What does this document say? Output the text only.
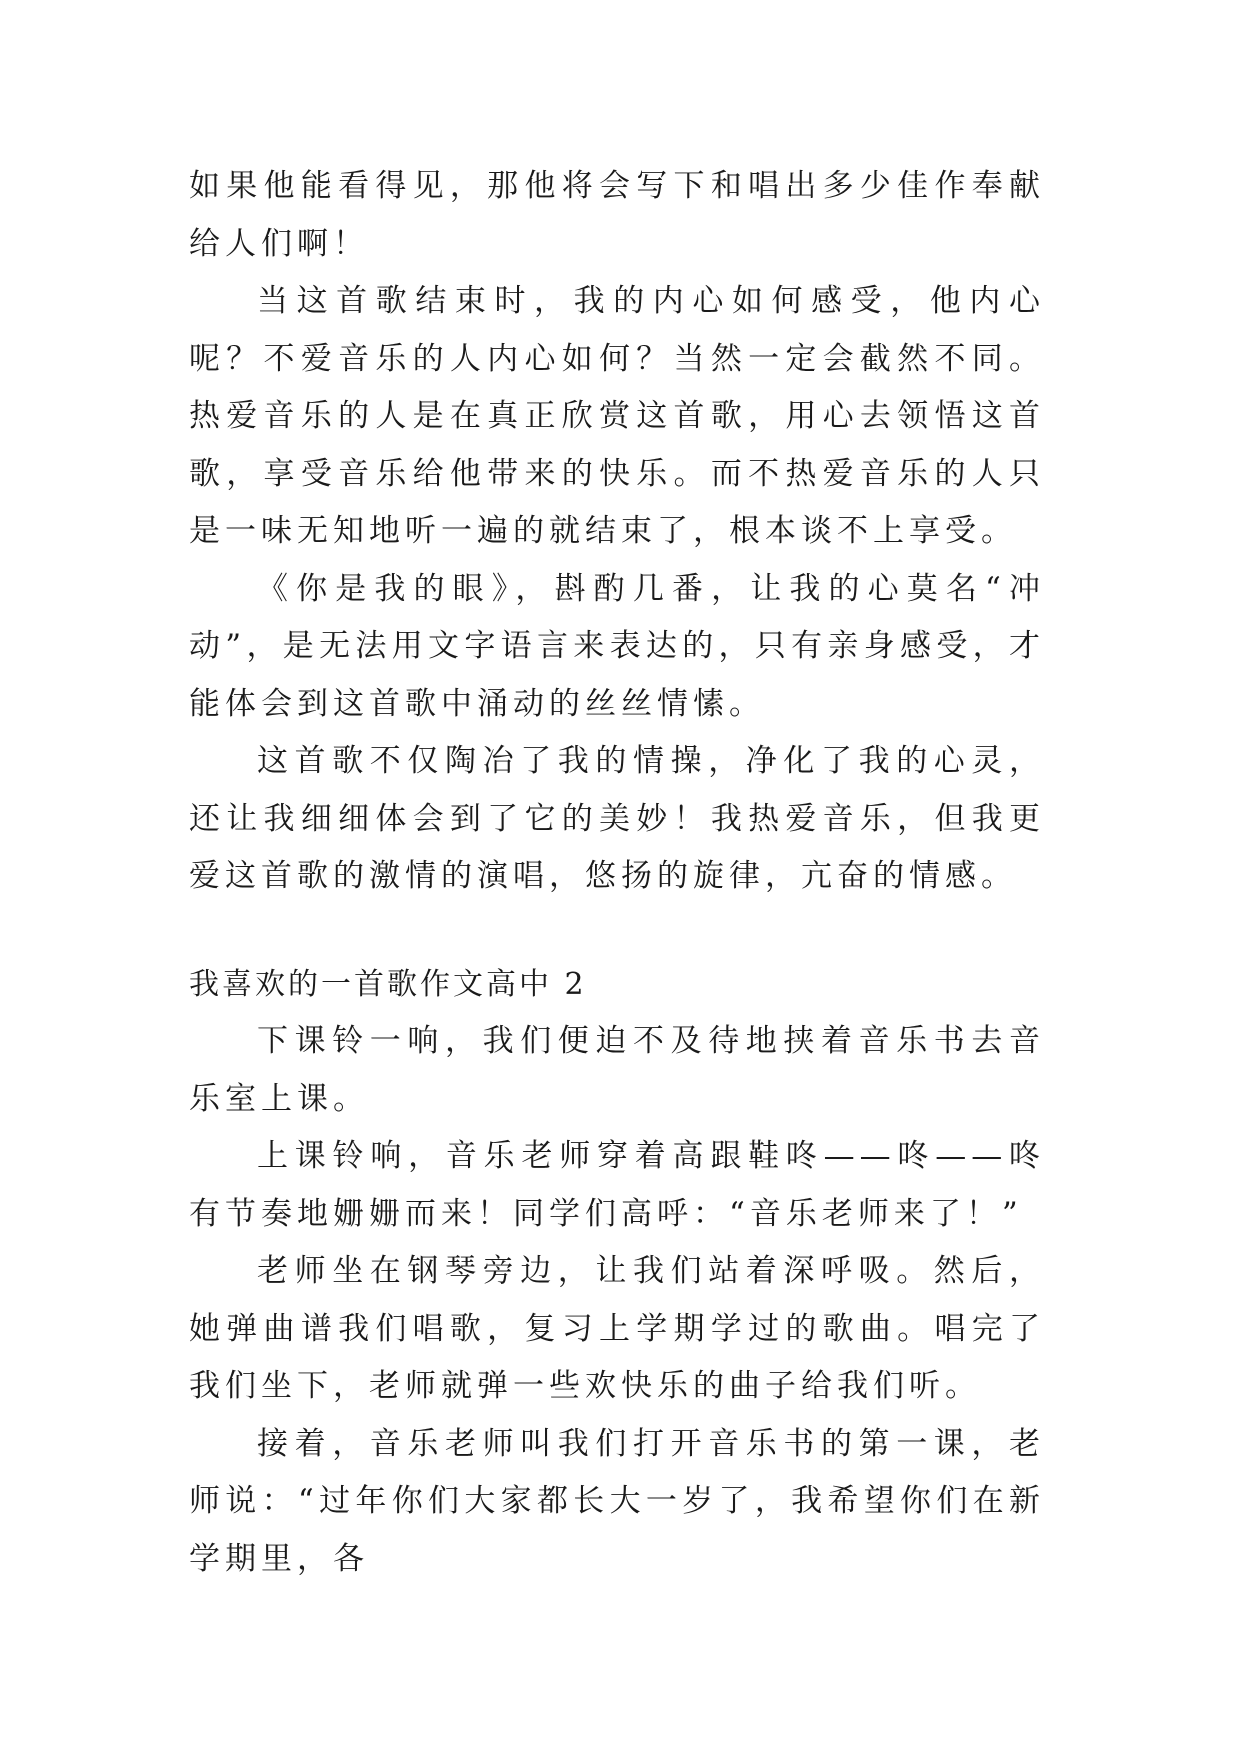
如果他能看得见，那他将会写下和唱出多少佳作奉献给人们啊！

当这首歌结束时，我的内心如何感受，他内心呢？不爱音乐的人内心如何？当然一定会截然不同。热爱音乐的人是在真正欣赏这首歌，用心去领悟这首歌，享受音乐给他带来的快乐。而不热爱音乐的人只是一味无知地听一遍的就结束了，根本谈不上享受。

《你是我的眼》，斟酌几番，让我的心莫名“冲动”，是无法用文字语言来表达的，只有亲身感受，才能体会到这首歌中涌动的丝丝情愫。

这首歌不仅陶冶了我的情操，净化了我的心灵，还让我细细体会到了它的美妙！我热爱音乐，但我更爱这首歌的激情的演唱，悠扬的旋律，亢奋的情感。

我喜欢的一首歌作文高中 2

下课铃一响，我们便迫不及待地挟着音乐书去音乐室上课。

上课铃响，音乐老师穿着高跟鞋咚——咚——咚有节奏地姗姗而来！同学们高呼：“音乐老师来了！”

老师坐在钢琴旁边，让我们站着深呼吸。然后，她弹曲谱我们唱歌，复习上学期学过的歌曲。唱完了我们坐下，老师就弹一些欢快乐的曲子给我们听。

接着，音乐老师叫我们打开音乐书的第一课，老师说：“过年你们大家都长大一岁了，我希望你们在新学期里，各
